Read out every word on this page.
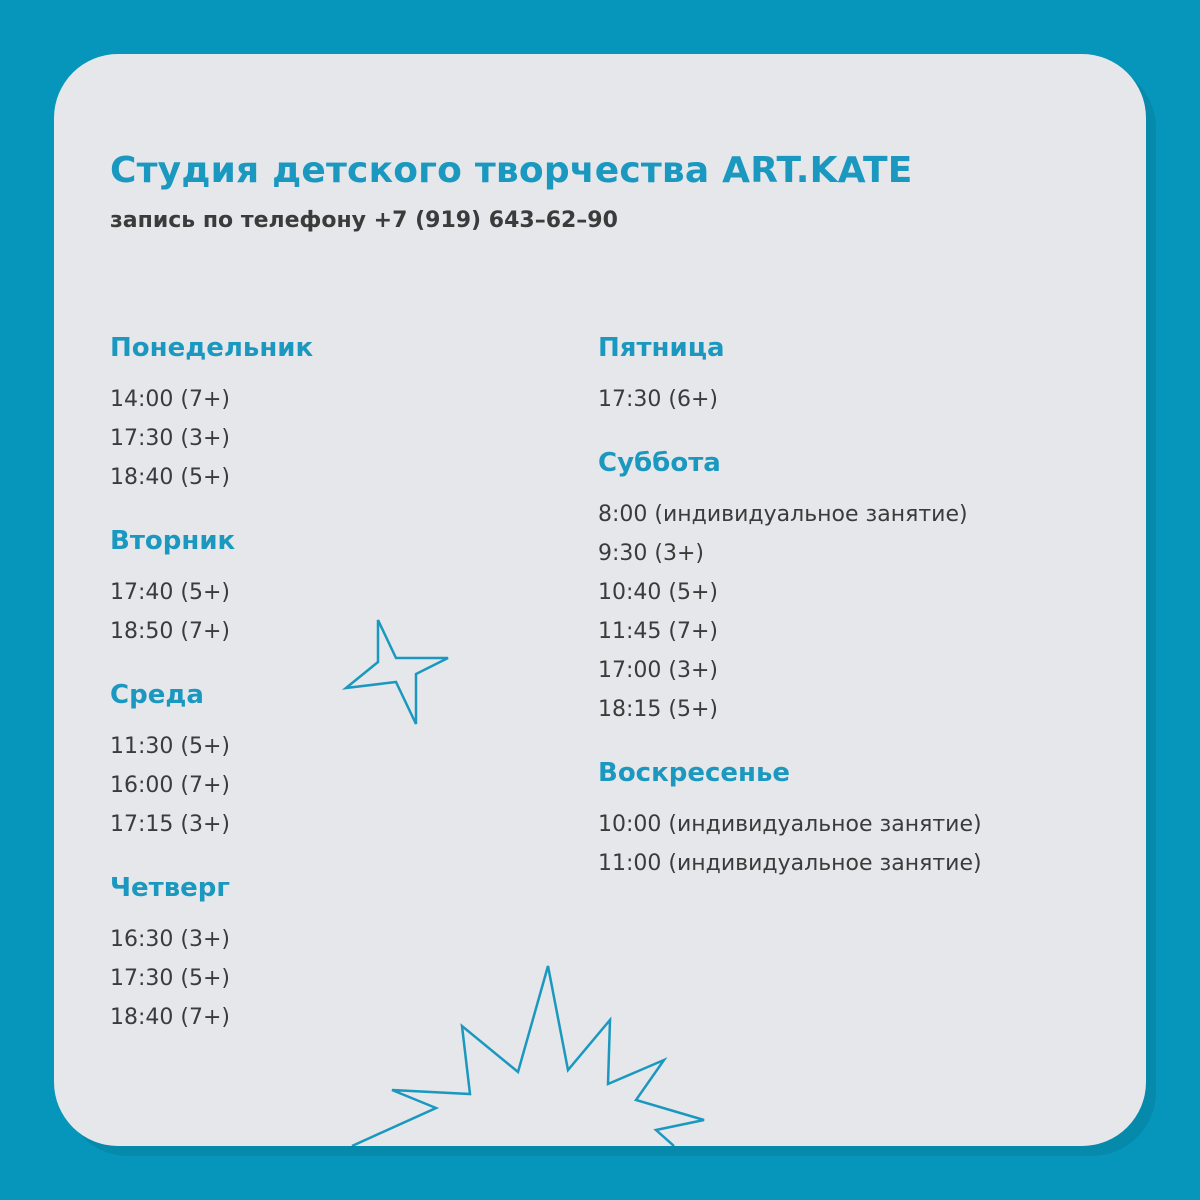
Студия детского творчества ART.KATE

запись по телефону +7 (919) 643–62–90

Понедельник
14:00 (7+)
17:30 (3+)
18:40 (5+)
Вторник
17:40 (5+)
18:50 (7+)
Среда
11:30 (5+)
16:00 (7+)
17:15 (3+)
Четверг
16:30 (3+)
17:30 (5+)
18:40 (7+)
Пятница
17:30 (6+)
Суббота
8:00 (индивидуальное занятие)
9:30 (3+)
10:40 (5+)
11:45 (7+)
17:00 (3+)
18:15 (5+)
Воскресенье
10:00 (индивидуальное занятие)
11:00 (индивидуальное занятие)
